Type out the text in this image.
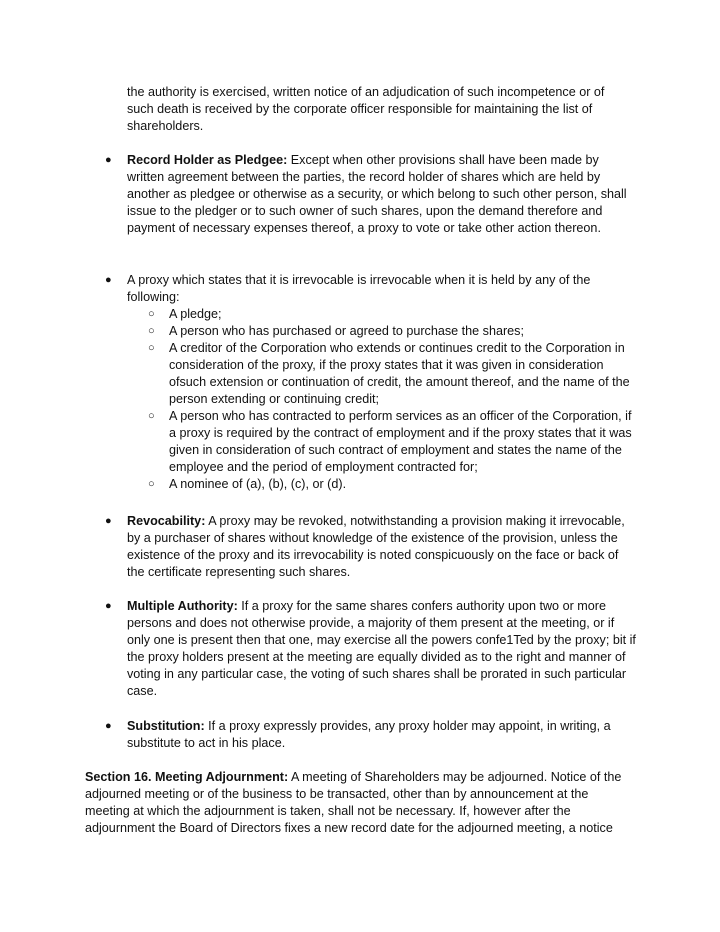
the authority is exercised, written notice of an adjudication of such incompetence or of such death is received by the corporate officer responsible for maintaining the list of shareholders.

● Record Holder as Pledgee: Except when other provisions shall have been made by written agreement between the parties, the record holder of shares which are held by another as pledgee or otherwise as a security, or which belong to such other person, shall issue to the pledger or to such owner of such shares, upon the demand therefore and payment of necessary expenses thereof, a proxy to vote or take other action thereon.
● A proxy which states that it is irrevocable is irrevocable when it is held by any of the following:
○ A pledge;
○ A person who has purchased or agreed to purchase the shares;
○ A creditor of the Corporation who extends or continues credit to the Corporation in consideration of the proxy, if the proxy states that it was given in consideration ofsuch extension or continuation of credit, the amount thereof, and the name of the person extending or continuing credit;
○ A person who has contracted to perform services as an officer of the Corporation, if a proxy is required by the contract of employment and if the proxy states that it was given in consideration of such contract of employment and states the name of the employee and the period of employment contracted for;
○ A nominee of (a), (b), (c), or (d).
● Revocability: A proxy may be revoked, notwithstanding a provision making it irrevocable, by a purchaser of shares without knowledge of the existence of the provision, unless the existence of the proxy and its irrevocability is noted conspicuously on the face or back of the certificate representing such shares.
● Multiple Authority: If a proxy for the same shares confers authority upon two or more persons and does not otherwise provide, a majority of them present at the meeting, or if only one is present then that one, may exercise all the powers confe1Ted by the proxy; bit if the proxy holders present at the meeting are equally divided as to the right and manner of voting in any particular case, the voting of such shares shall be prorated in such particular case.
● Substitution: If a proxy expressly provides, any proxy holder may appoint, in writing, a substitute to act in his place.

Section 16. Meeting Adjournment: A meeting of Shareholders may be adjourned. Notice of the adjourned meeting or of the business to be transacted, other than by announcement at the meeting at which the adjournment is taken, shall not be necessary. If, however after the adjournment the Board of Directors fixes a new record date for the adjourned meeting, a notice
